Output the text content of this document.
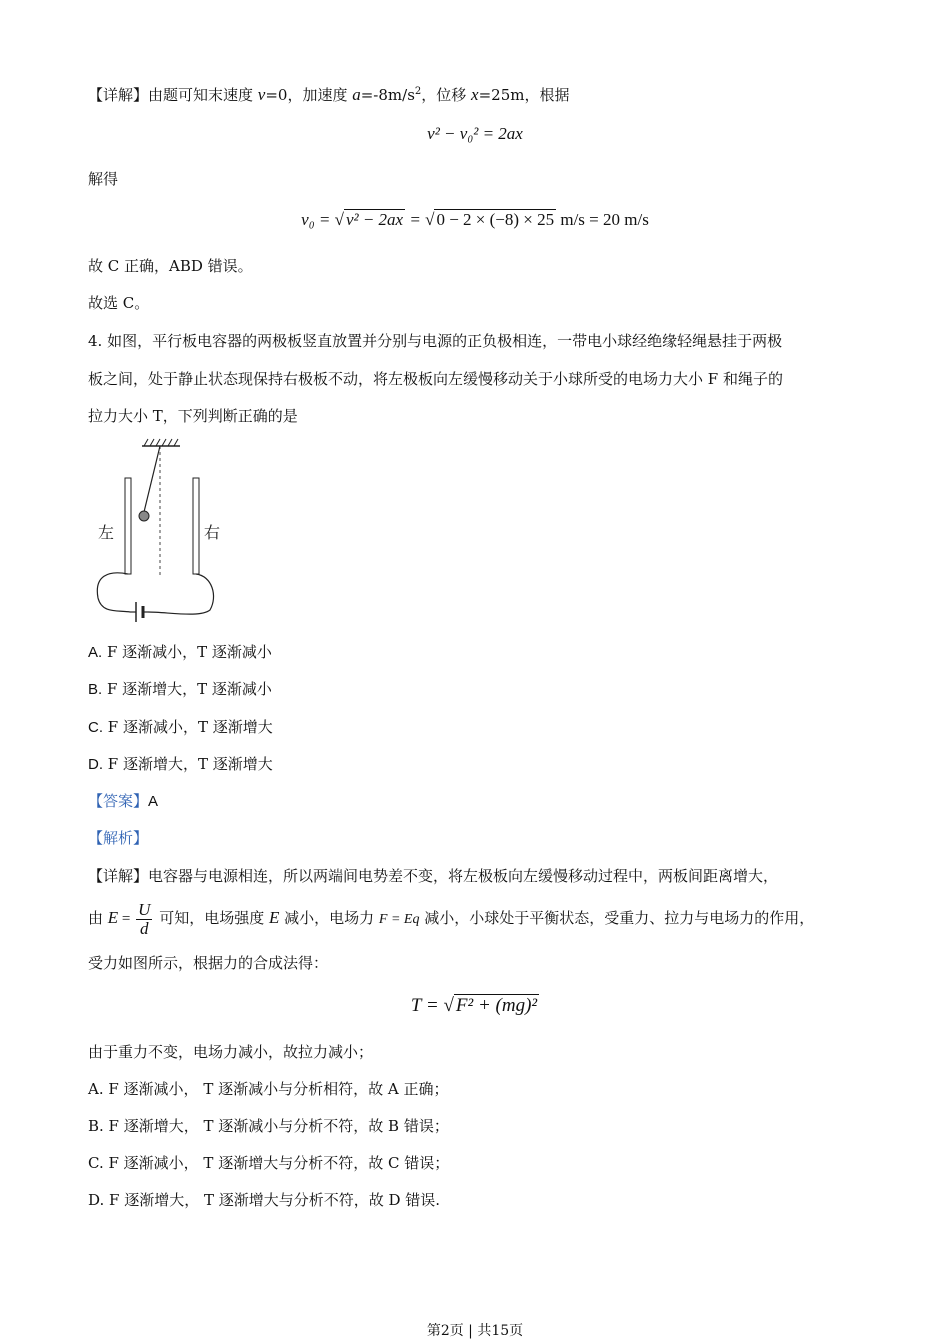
【详解】由题可知末速度 v=0，加速度 $a=-8m/s^2$，位移 x=25m，根据
v² − v₀² = 2ax
解得
v₀ = √ v² − 2ax = √ 0 − 2 × (−8) × 25 m/s = 20 m/s
故 C 正确，ABD 错误。
故选 C。
4. 如图，平行板电容器的两极板竖直放置并分别与电源的正负极相连，一带电小球经绝缘轻绳悬挂于两极
板之间，处于静止状态现保持右极板不动，将左极板向左缓慢移动关于小球所受的电场力大小 F 和绳子的
拉力大小 T，下列判断正确的是
左	右
A. F 逐渐减小，T 逐渐减小
B. F 逐渐增大，T 逐渐减小
C. F 逐渐减小，T 逐渐增大
D. F 逐渐增大，T 逐渐增大
【答案】A
【解析】
【详解】电容器与电源相连，所以两端间电势差不变，将左极板向左缓慢移动过程中，两板间距离增大，
由 $E = \frac{U}{d}$ 可知，电场强度 E 减小，电场力 F = Eq 减小，小球处于平衡状态，受重力、拉力与电场力的作用，
受力如图所示，根据力的合成法得：
T = √ F² + (mg)²
由于重力不变，电场力减小，故拉力减小；
A. F 逐渐减小， T 逐渐减小与分析相符，故 A 正确；
B. F 逐渐增大， T 逐渐减小与分析不符，故 B 错误；
C. F 逐渐减小， T 逐渐增大与分析不符，故 C 错误；
D. F 逐渐增大， T 逐渐增大与分析不符，故 D 错误.
第2页 | 共15页
